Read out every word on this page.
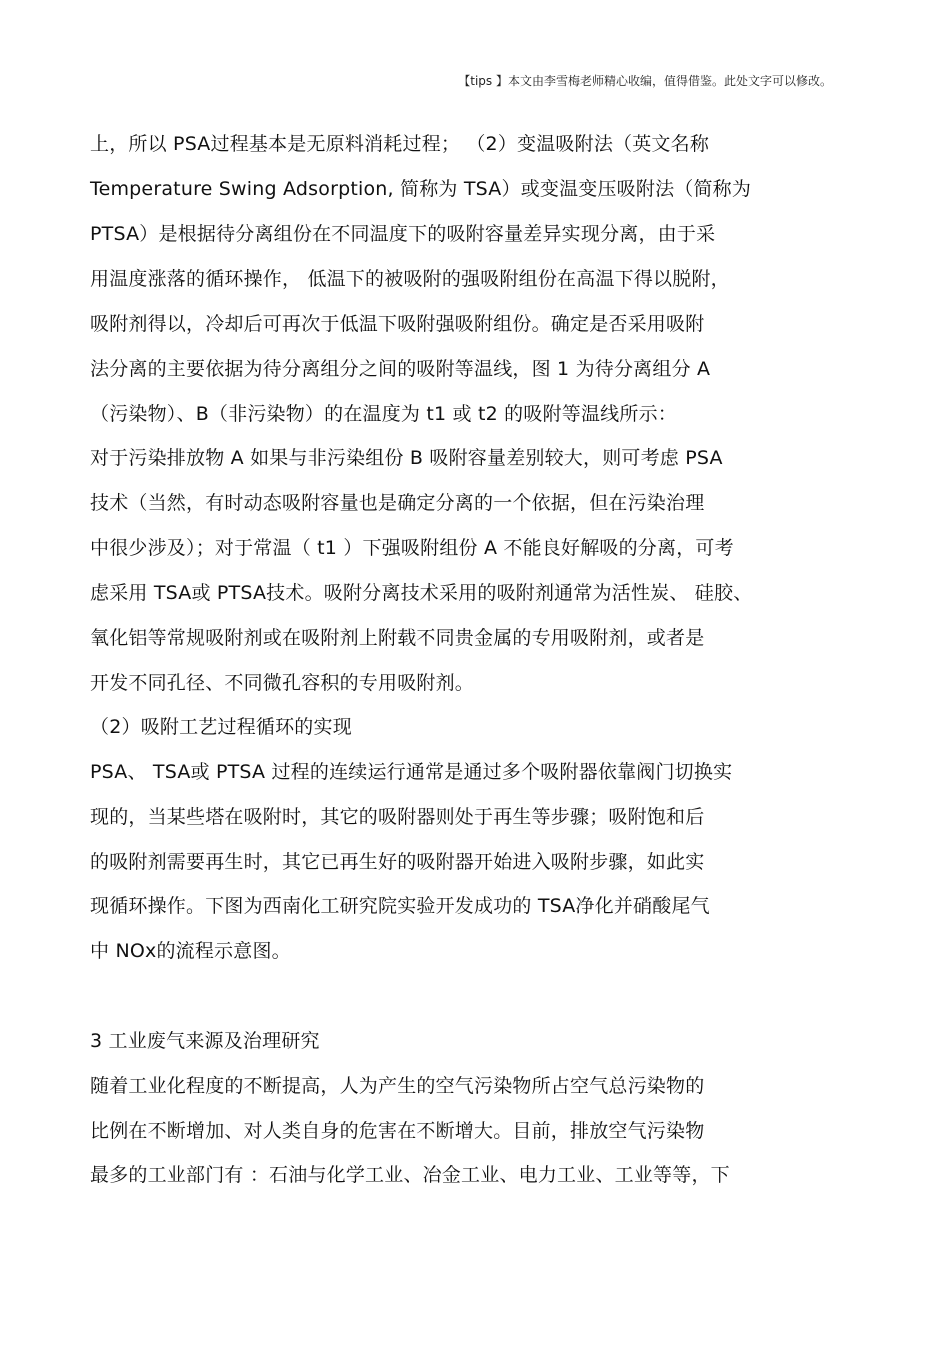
【tips 】本文由李雪梅老师精心收编，值得借鉴。此处文字可以修改。
上，所以 PSA过程基本是无原料消耗过程； （2）变温吸附法（英文名称
Temperature Swing Adsorption, 简称为 TSA）或变温变压吸附法（简称为
PTSA）是根据待分离组份在不同温度下的吸附容量差异实现分离，由于采
用温度涨落的循环操作， 低温下的被吸附的强吸附组份在高温下得以脱附，
吸附剂得以，冷却后可再次于低温下吸附强吸附组份。确定是否采用吸附
法分离的主要依据为待分离组分之间的吸附等温线，图 1 为待分离组分 A
（污染物）、B（非污染物）的在温度为 t1 或 t2 的吸附等温线所示：
对于污染排放物 A 如果与非污染组份 B 吸附容量差别较大，则可考虑 PSA
技术（当然，有时动态吸附容量也是确定分离的一个依据，但在污染治理
中很少涉及）；对于常温（ t1 ）下强吸附组份 A 不能良好解吸的分离，可考
虑采用 TSA或 PTSA技术。吸附分离技术采用的吸附剂通常为活性炭、 硅胶、
氧化铝等常规吸附剂或在吸附剂上附载不同贵金属的专用吸附剂，或者是
开发不同孔径、不同微孔容积的专用吸附剂。
（2）吸附工艺过程循环的实现
PSA、 TSA或 PTSA 过程的连续运行通常是通过多个吸附器依靠阀门切换实
现的，当某些塔在吸附时，其它的吸附器则处于再生等步骤；吸附饱和后
的吸附剂需要再生时，其它已再生好的吸附器开始进入吸附步骤，如此实
现循环操作。下图为西南化工研究院实验开发成功的 TSA净化并硝酸尾气
中 NOx的流程示意图。
3 工业废气来源及治理研究
随着工业化程度的不断提高，人为产生的空气污染物所占空气总污染物的
比例在不断增加、对人类自身的危害在不断增大。目前，排放空气污染物
最多的工业部门有 ：石油与化学工业、冶金工业、电力工业、工业等等，下
